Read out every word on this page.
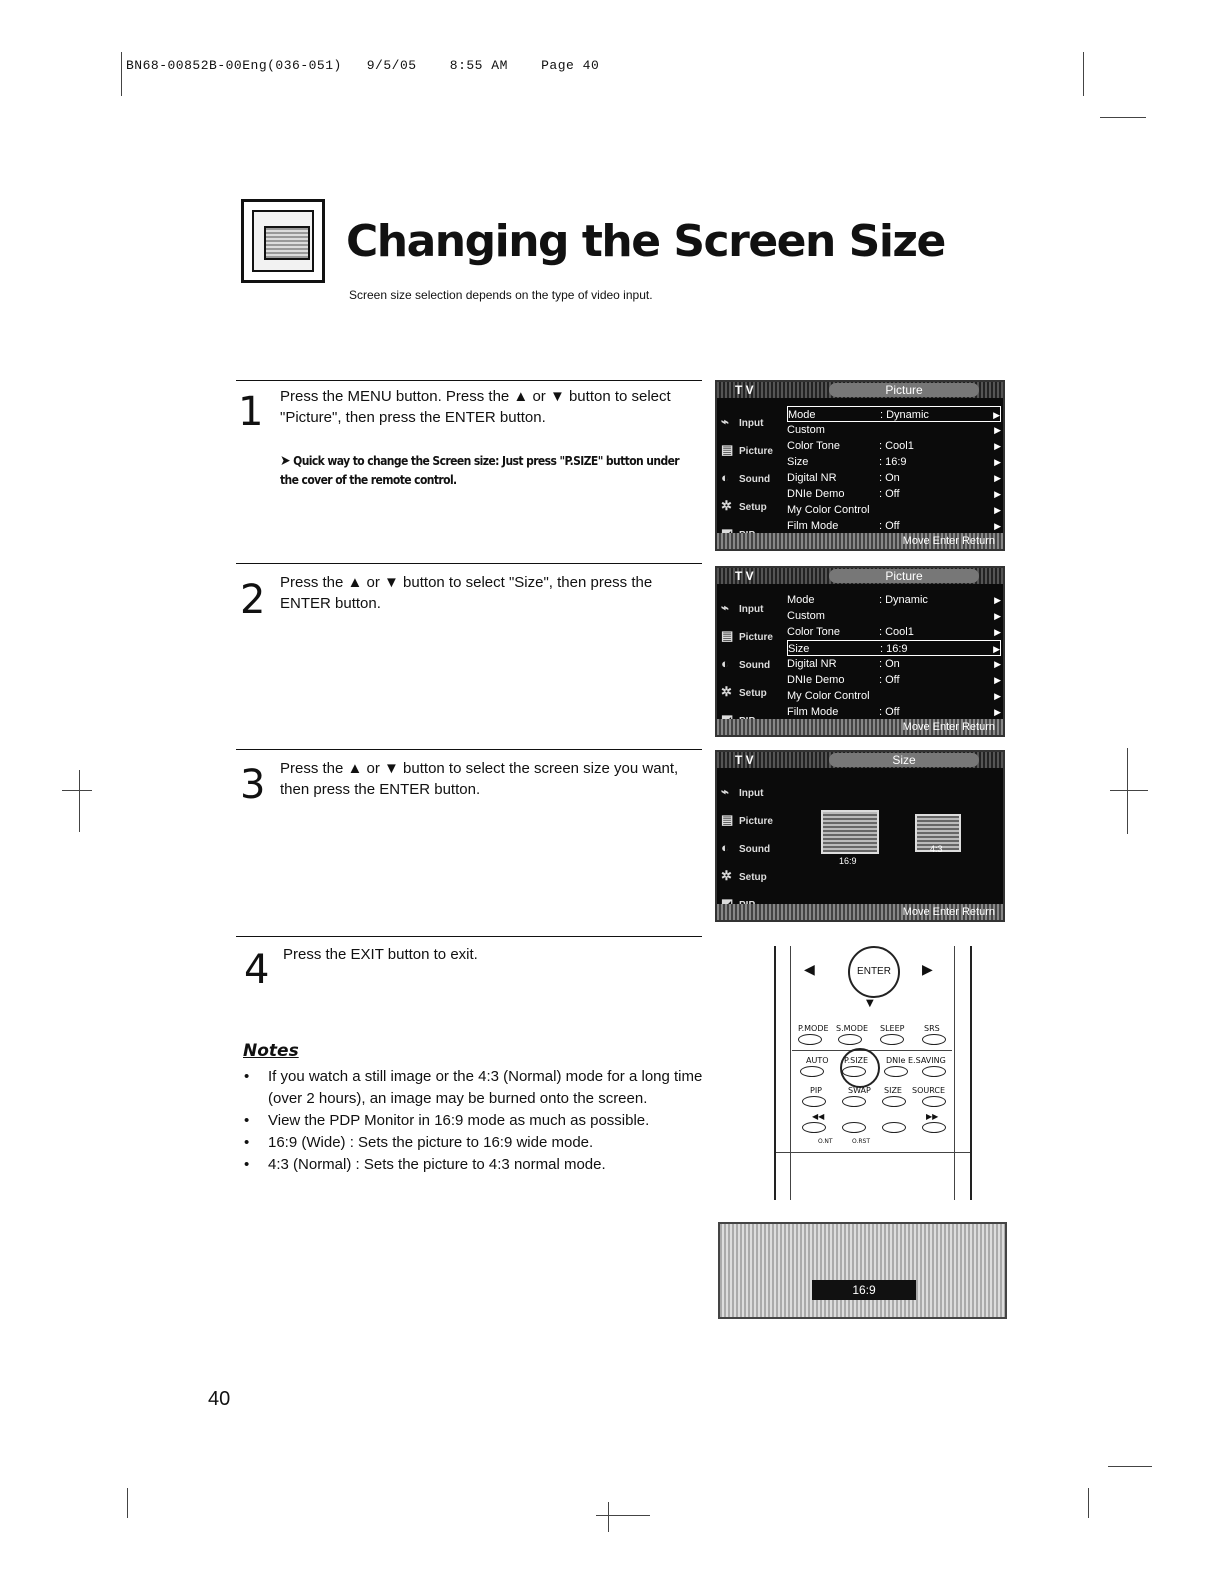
BN68-00852B-00Eng(036-051) 9/5/05	8:55 AM	Page 40
Changing the Screen Size
Screen size selection depends on the type of video input.
1 Press the MENU button. Press the ▲ or ▼ button to select "Picture", then press the ENTER button.
➤ Quick way to change the Screen size: Just press "P.SIZE" button under the cover of the remote control.
T V	Picture
⌁ Input
▤ Picture
◐ Sound
✲ Setup
Mode	: Dynamic	▶
Custom	▶
Color Tone	: Cool1	▶
Size	: 16:9	▶
Digital NR	: On	▶
DNIe Demo	: Off	▶
My Color Control	▶
Film Mode	: Off	▶
Move Enter Return
2 Press the ▲ or ▼ button to select "Size", then press the ENTER button.
T V	Picture
⌁ Input
▤ Picture
◐ Sound
✲ Setup
Mode	: Dynamic	▶
Custom	▶
Color Tone	: Cool1	▶
Size	: 16:9	▶
Digital NR	: On	▶
DNIe Demo	: Off	▶
My Color Control	▶
Film Mode	: Off	▶
Move Enter Return
3 Press the ▲ or ▼ button to select the screen size you want, then press the ENTER button.
T V	Size
⌁ Input
▤ Picture
◐ Sound
✲ Setup
16:9
4:3
Move Enter Return
4 Press the EXIT button to exit.
ENTER
◀	▶
▼
P.MODE S.MODE SLEEP SRS
AUTO P.SIZE DNIe E.SAVING
PIP	SWAP SIZE SOURCE
◀◀	▶▶
O.NT	O.RST
Notes
• If you watch a still image or the 4:3 (Normal) mode for a long time (over 2 hours), an image may be burned onto the screen.
• View the PDP Monitor in 16:9 mode as much as possible.
• 16:9 (Wide) : Sets the picture to 16:9 wide mode.
• 4:3 (Normal) : Sets the picture to 4:3 normal mode.
16:9
40
